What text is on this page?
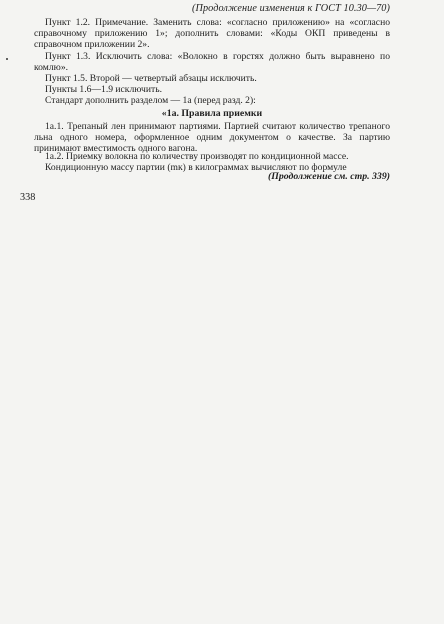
(Продолжение изменения к ГОСТ 10.30—70)

Пункт 1.2. Примечание. Заменить слова: «согласно приложению» на «согласно справочному приложению 1»; дополнить словами: «Коды ОКП приведены в справочном приложении 2».

Пункт 1.3. Исключить слова: «Волокно в горстях должно быть выравнено по комлю».

Пункт 1.5. Второй — четвертый абзацы исключить.

Пункты 1.6—1.9 исключить.

Стандарт дополнить разделом — 1а (перед разд. 2):

«1а. Правила приемки

1а.1. Трепаный лен принимают партиями. Партией считают количество трепаного льна одного номера, оформленное одним документом о качестве. За партию принимают вместимость одного вагона.

1а.2. Приемку волокна по количеству производят по кондиционной массе.

Кондиционную массу партии (mк) в килограммах вычисляют по формуле

(Продолжение см. стр. 339)
338
